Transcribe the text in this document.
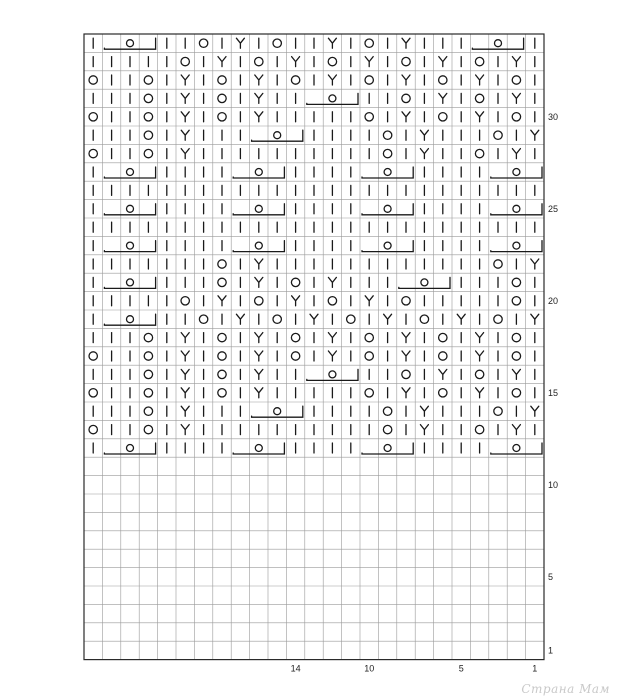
1
5
10
15
20
25
30
14	10	5	1
Страна Мам
